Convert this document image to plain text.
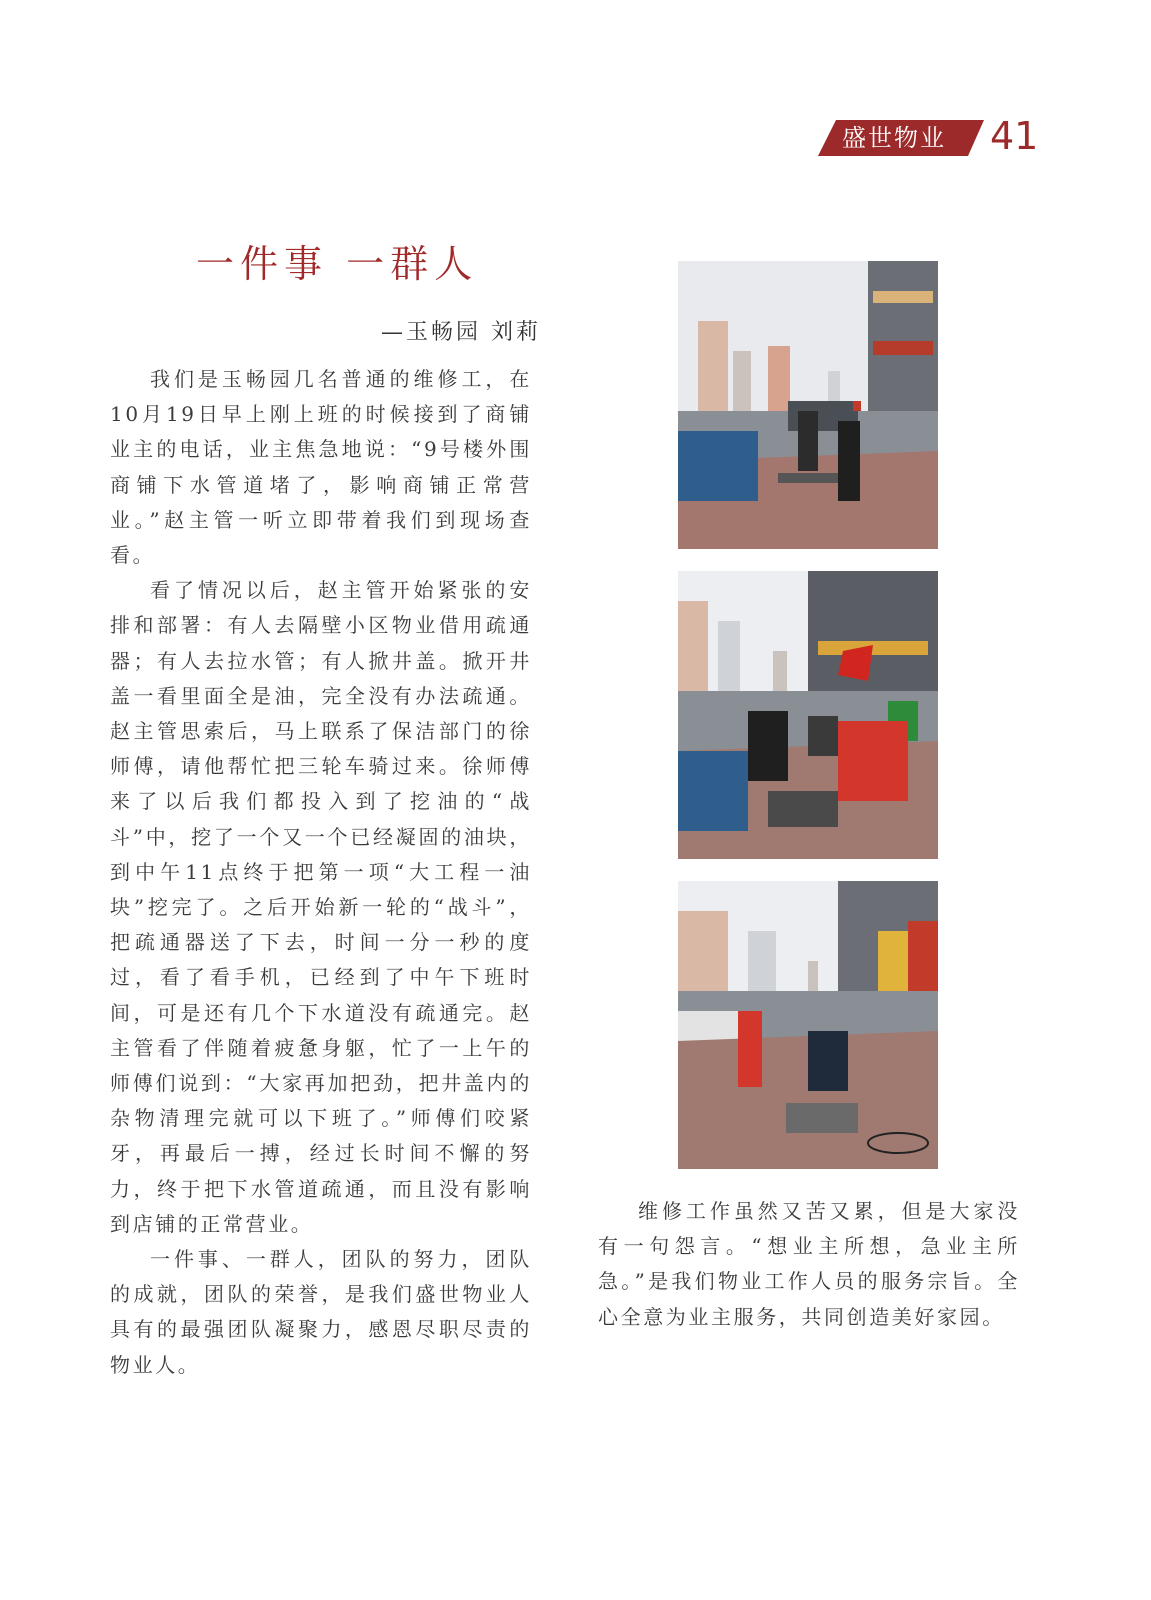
盛世物业	41
一件事 一群人
—玉畅园 刘莉

我们是玉畅园几名普通的维修工，在10月19日早上刚上班的时候接到了商铺业主的电话，业主焦急地说：“9号楼外围商铺下水管道堵了，影响商铺正常营业。”赵主管一听立即带着我们到现场查看。

看了情况以后，赵主管开始紧张的安排和部署：有人去隔壁小区物业借用疏通器；有人去拉水管；有人掀井盖。掀开井盖一看里面全是油，完全没有办法疏通。赵主管思索后，马上联系了保洁部门的徐师傅，请他帮忙把三轮车骑过来。徐师傅来了以后我们都投入到了挖油的“战斗”中，挖了一个又一个已经凝固的油块，到中午11点终于把第一项“大工程一油块”挖完了。之后开始新一轮的“战斗”，把疏通器送了下去，时间一分一秒的度过，看了看手机，已经到了中午下班时间，可是还有几个下水道没有疏通完。赵主管看了伴随着疲惫身躯，忙了一上午的师傅们说到：“大家再加把劲，把井盖内的杂物清理完就可以下班了。”师傅们咬紧牙，再最后一搏，经过长时间不懈的努力，终于把下水管道疏通，而且没有影响到店铺的正常营业。

一件事、一群人，团队的努力，团队的成就，团队的荣誉，是我们盛世物业人具有的最强团队凝聚力，感恩尽职尽责的物业人。

维修工作虽然又苦又累，但是大家没有一句怨言。“想业主所想，急业主所急。”是我们物业工作人员的服务宗旨。全心全意为业主服务，共同创造美好家园。
